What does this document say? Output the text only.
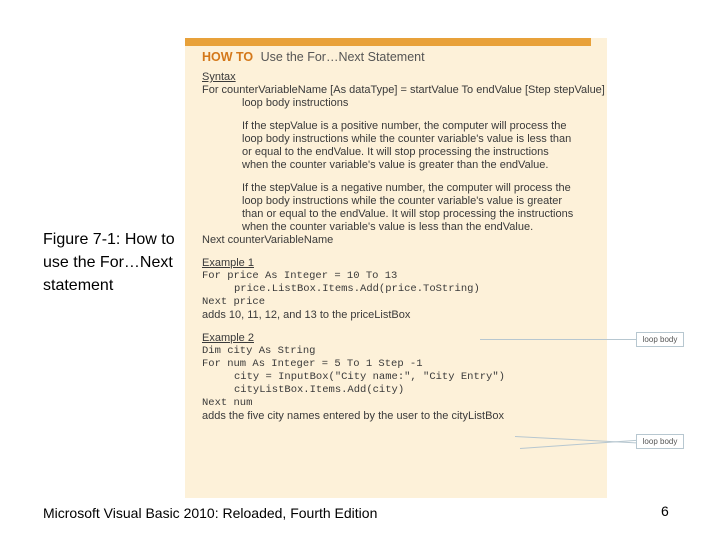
Figure 7-1: How to use the For…Next statement
HOW TO Use the For…Next Statement
Syntax
For counterVariableName [As dataType] = startValue To endValue [Step stepValue]
loop body instructions
If the stepValue is a positive number, the computer will process the
loop body instructions while the counter variable's value is less than
or equal to the endValue. It will stop processing the instructions
when the counter variable's value is greater than the endValue.
If the stepValue is a negative number, the computer will process the
loop body instructions while the counter variable's value is greater
than or equal to the endValue. It will stop processing the instructions
when the counter variable's value is less than the endValue.
Next counterVariableName
Example 1
For price As Integer = 10 To 13
price.ListBox.Items.Add(price.ToString)
Next price
adds 10, 11, 12, and 13 to the priceListBox
Example 2
Dim city As String
For num As Integer = 5 To 1 Step -1
city = InputBox("City name:", "City Entry")
cityListBox.Items.Add(city)
Next num
adds the five city names entered by the user to the cityListBox
loop body
loop body
Microsoft Visual Basic 2010: Reloaded, Fourth Edition	6
